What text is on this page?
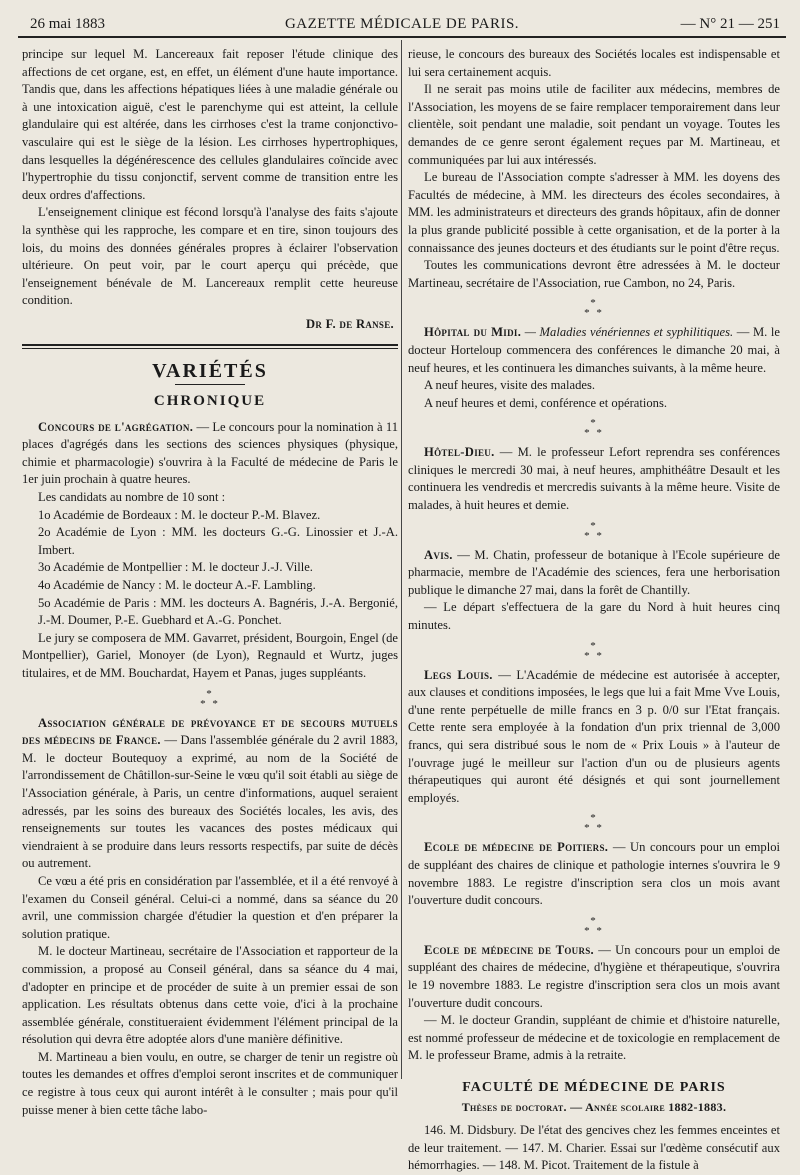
26 mai 1883	GAZETTE MÉDICALE DE PARIS.	— N° 21 — 251

principe sur lequel M. Lancereaux fait reposer l'étude clinique des affections de cet organe, est, en effet, un élément d'une haute importance. Tandis que, dans les affections hépatiques liées à une maladie générale ou à une intoxication aiguë, c'est le parenchyme qui est atteint, la cellule glandulaire qui est altérée, dans les cirrhoses c'est la trame conjonctivo-vasculaire qui est le siège de la lésion. Les cirrhoses hypertrophiques, dans lesquelles la dégénérescence des cellules glandulaires coïncide avec l'hypertrophie du tissu conjonctif, servent comme de transition entre les deux ordres d'affections.

L'enseignement clinique est fécond lorsqu'à l'analyse des faits s'ajoute la synthèse qui les rapproche, les compare et en tire, sinon toujours des lois, du moins des données générales propres à éclairer l'observation ultérieure. On peut voir, par le court aperçu qui précède, que l'enseignement bénévale de M. Lancereaux remplit cette heureuse condition.

Dr F. de Ranse.

VARIÉTÉS
CHRONIQUE

Concours de l'agrégation. — Le concours pour la nomination à 11 places d'agrégés dans les sections des sciences physiques (physique, chimie et pharmacologie) s'ouvrira à la Faculté de médecine de Paris le 1er juin prochain à quatre heures.

Les candidats au nombre de 10 sont :

1o Académie de Bordeaux : M. le docteur P.-M. Blavez.

2o Académie de Lyon : MM. les docteurs G.-G. Linossier et J.-A. Imbert.

3o Académie de Montpellier : M. le docteur J.-J. Ville.

4o Académie de Nancy : M. le docteur A.-F. Lambling.

5o Académie de Paris : MM. les docteurs A. Bagnéris, J.-A. Bergonié, J.-M. Doumer, P.-E. Guebhard et A.-G. Ponchet.

Le jury se composera de MM. Gavarret, président, Bourgoin, Engel (de Montpellier), Gariel, Monoyer (de Lyon), Regnauld et Wurtz, juges titulaires, et de MM. Bouchardat, Hayem et Panas, juges suppléants.

*
* *

Association générale de prévoyance et de secours mutuels des médecins de France. — Dans l'assemblée générale du 2 avril 1883, M. le docteur Boutequoy a exprimé, au nom de la Société de l'arrondissement de Châtillon-sur-Seine le vœu qu'il soit établi au siège de l'Association générale, à Paris, un centre d'informations, auquel seraient adressés, par les soins des bureaux des Sociétés locales, les avis, des renseignements sur toutes les vacances des postes médicaux qui viendraient à se produire dans leurs ressorts respectifs, par suite de décès ou autrement.

Ce vœu a été pris en considération par l'assemblée, et il a été renvoyé à l'examen du Conseil général. Celui-ci a nommé, dans sa séance du 20 avril, une commission chargée d'étudier la question et d'en préparer la solution pratique.

M. le docteur Martineau, secrétaire de l'Association et rapporteur de la commission, a proposé au Conseil général, dans sa séance du 4 mai, d'adopter en principe et de procéder de suite à un premier essai de son application. Les résultats obtenus dans cette voie, d'ici à la prochaine assemblée générale, constitueraient évidemment l'élément principal de la résolution qui devra être adoptée alors d'une manière définitive.

M. Martineau a bien voulu, en outre, se charger de tenir un registre où toutes les demandes et offres d'emploi seront inscrites et de communiquer ce registre à tous ceux qui auront intérêt à le consulter ; mais pour qu'il puisse mener à bien cette tâche labo-

rieuse, le concours des bureaux des Sociétés locales est indispensable et lui sera certainement acquis.

Il ne serait pas moins utile de faciliter aux médecins, membres de l'Association, les moyens de se faire remplacer temporairement dans leur clientèle, soit pendant une maladie, soit pendant un voyage. Toutes les demandes de ce genre seront également reçues par M. Martineau, et communiquées par lui aux intéressés.

Le bureau de l'Association compte s'adresser à MM. les doyens des Facultés de médecine, à MM. les directeurs des écoles secondaires, à MM. les administrateurs et directeurs des grands hôpitaux, afin de donner la plus grande publicité possible à cette organisation, et de la porter à la connaissance des jeunes docteurs et des étudiants sur le point d'être reçus.

Toutes les communications devront être adressées à M. le docteur Martineau, secrétaire de l'Association, rue Cambon, no 24, Paris.

*
* *

Hôpital du Midi. — Maladies vénériennes et syphilitiques. — M. le docteur Horteloup commencera des conférences le dimanche 20 mai, à neuf heures, et les continuera les dimanches suivants, à la même heure.

A neuf heures, visite des malades.

A neuf heures et demi, conférence et opérations.

*
* *

Hôtel-Dieu. — M. le professeur Lefort reprendra ses conférences cliniques le mercredi 30 mai, à neuf heures, amphithéâtre Desault et les continuera les vendredis et mercredis suivants à la même heure. Visite de malades, à huit heures et demie.

*
* *

Avis. — M. Chatin, professeur de botanique à l'Ecole supérieure de pharmacie, membre de l'Académie des sciences, fera une herborisation publique le dimanche 27 mai, dans la forêt de Chantilly.

— Le départ s'effectuera de la gare du Nord à huit heures cinq minutes.

*
* *

Legs Louis. — L'Académie de médecine est autorisée à accepter, aux clauses et conditions imposées, le legs que lui a fait Mme Vve Louis, d'une rente perpétuelle de mille francs en 3 p. 0/0 sur l'Etat français. Cette rente sera employée à la fondation d'un prix triennal de 3,000 francs, qui sera distribué sous le nom de « Prix Louis » à l'auteur de l'ouvrage jugé le meilleur sur l'action d'un ou de plusieurs agents thérapeutiques qui auront été désignés et qui sont journellement employés.

*
* *

Ecole de médecine de Poitiers. — Un concours pour un emploi de suppléant des chaires de clinique et pathologie internes s'ouvrira le 9 novembre 1883. Le registre d'inscription sera clos un mois avant l'ouverture dudit concours.

*
* *

Ecole de médecine de Tours. — Un concours pour un emploi de suppléant des chaires de médecine, d'hygiène et thérapeutique, s'ouvrira le 19 novembre 1883. Le registre d'inscription sera clos un mois avant l'ouverture dudit concours.

— M. le docteur Grandin, suppléant de chimie et d'histoire naturelle, est nommé professeur de médecine et de toxicologie en remplacement de M. le professeur Brame, admis à la retraite.

FACULTÉ DE MÉDECINE DE PARIS
Thèses de doctorat. — Année scolaire 1882-1883.

146. M. Didsbury. De l'état des gencives chez les femmes enceintes et de leur traitement. — 147. M. Charier. Essai sur l'œdème consécutif aux hémorrhagies. — 148. M. Picot. Traitement de la fistule à
